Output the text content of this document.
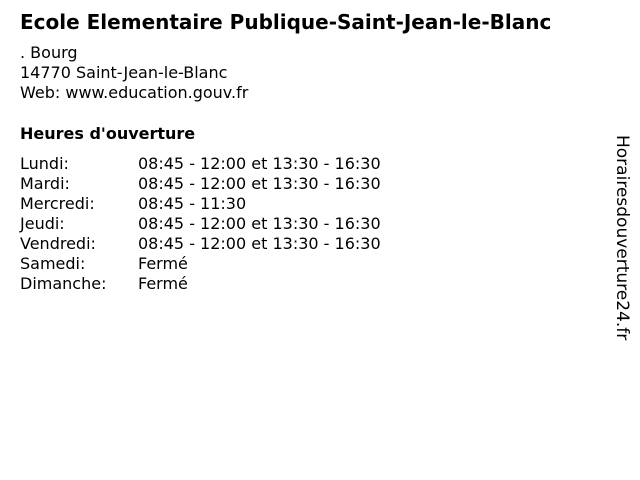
Ecole Elementaire Publique-Saint-Jean-le-Blanc
. Bourg
14770 Saint-Jean-le-Blanc
Web: www.education.gouv.fr
Heures d'ouverture
Lundi:	08:45 - 12:00 et 13:30 - 16:30
Mardi:	08:45 - 12:00 et 13:30 - 16:30
Mercredi:	08:45 - 11:30
Jeudi:	08:45 - 12:00 et 13:30 - 16:30
Vendredi:	08:45 - 12:00 et 13:30 - 16:30
Samedi:	Fermé
Dimanche: Fermé	Horairesdouverture24.fr
